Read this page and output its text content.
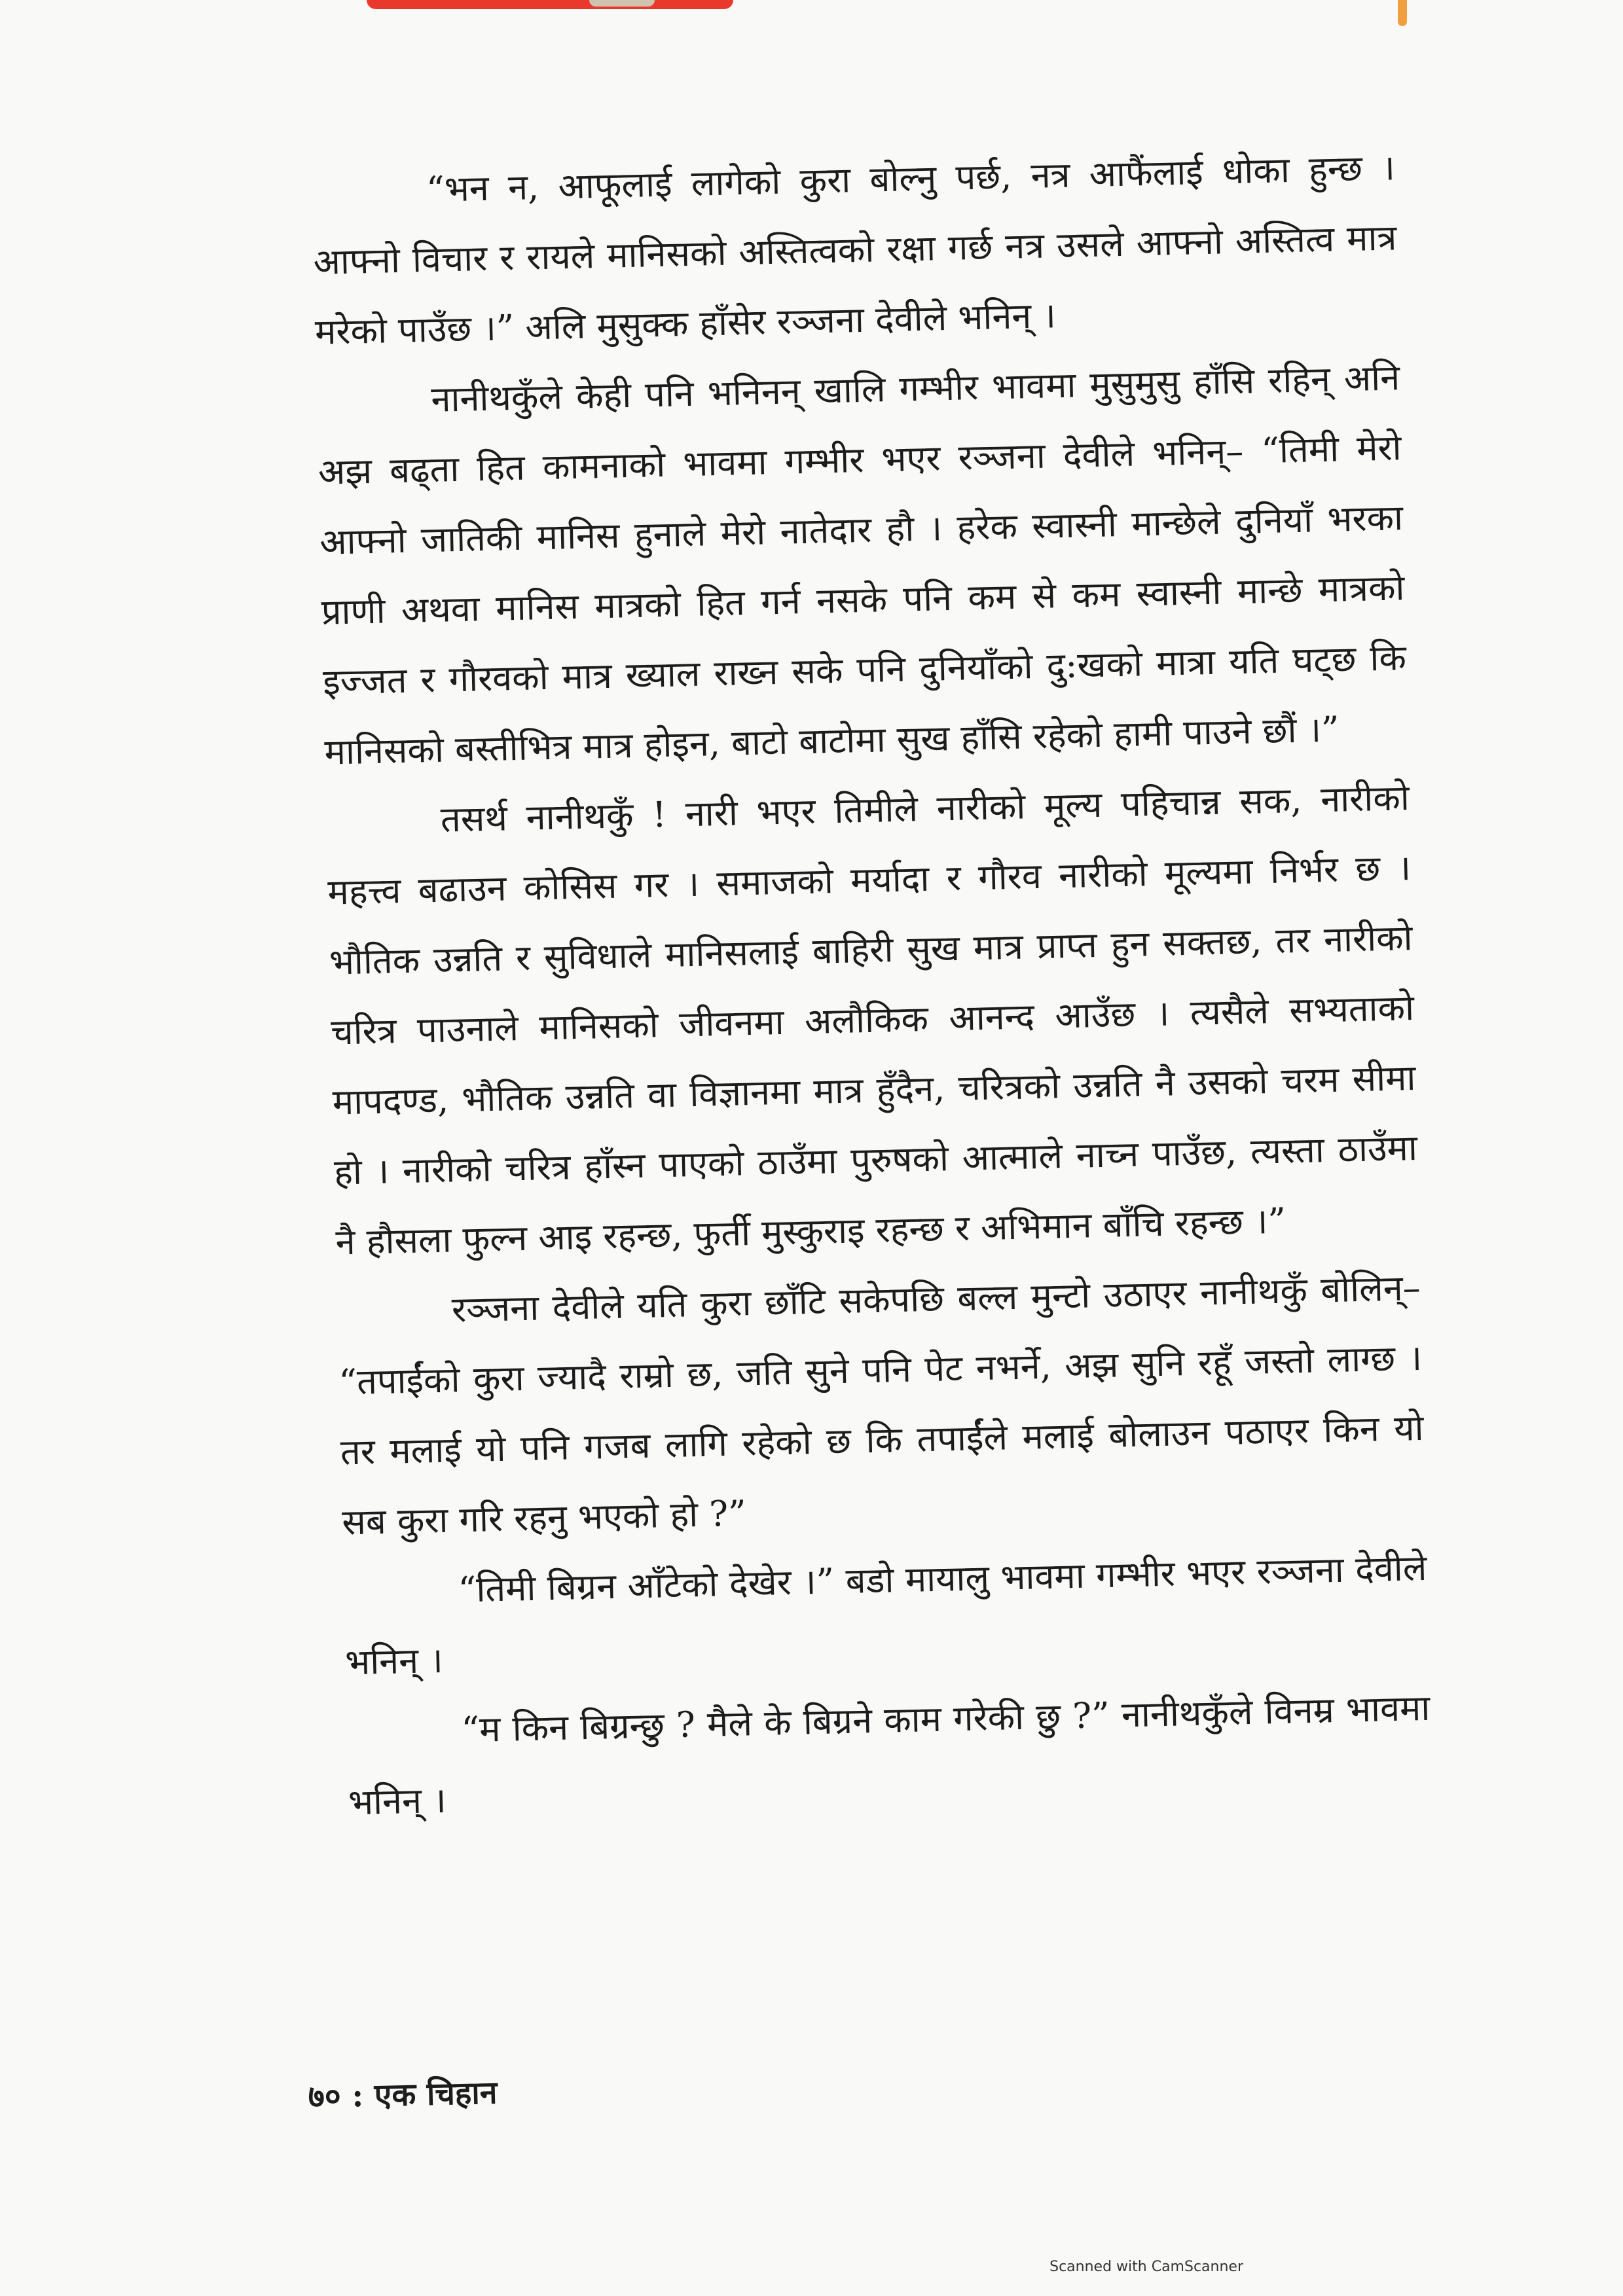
“भन न, आफूलाई लागेको कुरा बोल्नु पर्छ, नत्र आफैंलाई धोका हुन्छ । आफ्नो विचार र रायले मानिसको अस्तित्वको रक्षा गर्छ नत्र उसले आफ्नो अस्तित्व मात्र मरेको पाउँछ ।” अलि मुसुक्क हाँसेर रञ्जना देवीले भनिन् ।

नानीथकुँले केही पनि भनिनन् खालि गम्भीर भावमा मुसुमुसु हाँसि रहिन् अनि अझ बढ्‌ता हित कामनाको भावमा गम्भीर भएर रञ्जना देवीले भनिन्– “तिमी मेरो आफ्नो जातिकी मानिस हुनाले मेरो नातेदार हौ । हरेक स्वास्नी मान्छेले दुनियाँ भरका प्राणी अथवा मानिस मात्रको हित गर्न नसके पनि कम से कम स्वास्नी मान्छे मात्रको इज्जत र गौरवको मात्र ख्याल राख्न सके पनि दुनियाँको दु:खको मात्रा यति घट्‌छ कि मानिसको बस्तीभित्र मात्र होइन, बाटो बाटोमा सुख हाँसि रहेको हामी पाउने छौं ।”

तसर्थ नानीथकुँ ! नारी भएर तिमीले नारीको मूल्य पहिचान्न सक, नारीको महत्त्व बढाउन कोसिस गर । समाजको मर्यादा र गौरव नारीको मूल्यमा निर्भर छ । भौतिक उन्नति र सुविधाले मानिसलाई बाहिरी सुख मात्र प्राप्त हुन सक्तछ, तर नारीको चरित्र पाउनाले मानिसको जीवनमा अलौकिक आनन्द आउँछ । त्यसैले सभ्यताको मापदण्ड, भौतिक उन्नति वा विज्ञानमा मात्र हुँदैन, चरित्रको उन्नति नै उसको चरम सीमा हो । नारीको चरित्र हाँस्न पाएको ठाउँमा पुरुषको आत्माले नाच्न पाउँछ, त्यस्ता ठाउँमा नै हौसला फुल्न आइ रहन्छ, फुर्ती मुस्कुराइ रहन्छ र अभिमान बाँचि रहन्छ ।”

रञ्जना देवीले यति कुरा छाँटि सकेपछि बल्ल मुन्टो उठाएर नानीथकुँ बोलिन्– “तपाईंको कुरा ज्यादै राम्रो छ, जति सुने पनि पेट नभर्ने, अझ सुनि रहूँ जस्तो लाग्छ । तर मलाई यो पनि गजब लागि रहेको छ कि तपाईंले मलाई बोलाउन पठाएर किन यो सब कुरा गरि रहनु भएको हो ?”

“तिमी बिग्रन आँटेको देखेर ।” बडो मायालु भावमा गम्भीर भएर रञ्जना देवीले भनिन् ।

“म किन बिग्रन्छु ? मैले के बिग्रने काम गरेकी छु ?” नानीथकुँले विनम्र भावमा भनिन् ।

७० : एक चिहान
Scanned with CamScanner
